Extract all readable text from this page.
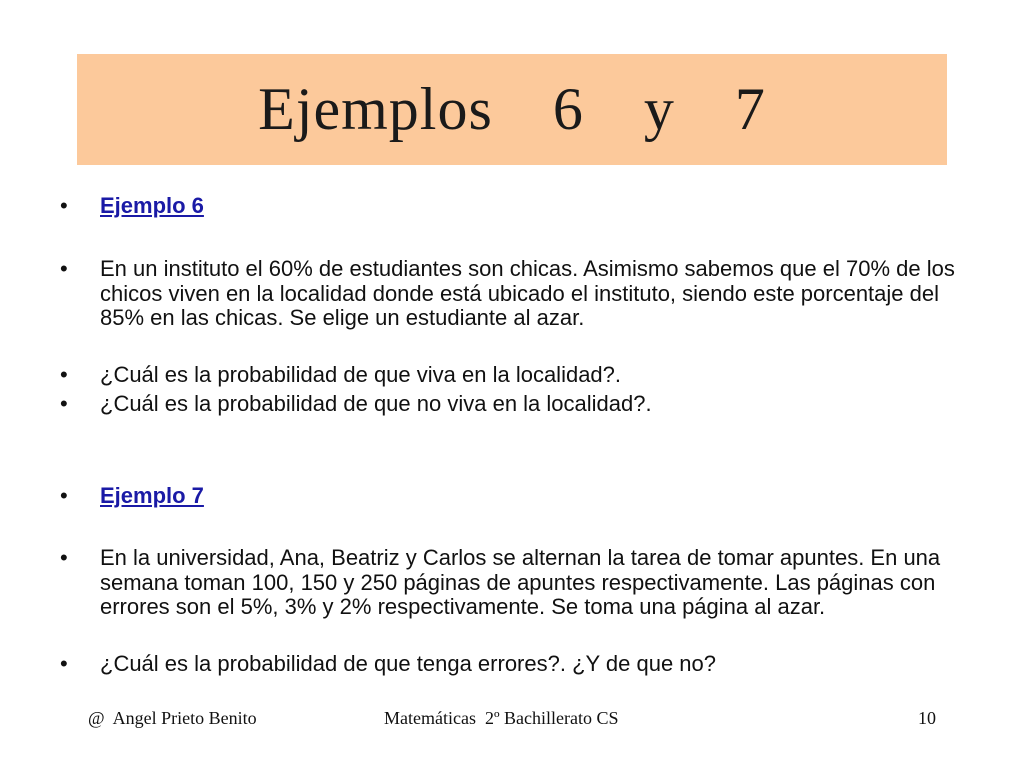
Ejemplos  6  y  7
•	Ejemplo 6
•	En un instituto el 60% de estudiantes son chicas. Asimismo sabemos que el 70% de los chicos viven en la localidad donde está ubicado el instituto, siendo este porcentaje del 85% en las chicas. Se elige un estudiante al azar.
•	¿Cuál es la probabilidad de que viva en la localidad?.
•	¿Cuál es la probabilidad de que no viva en la localidad?.
•	Ejemplo 7
•	En la universidad, Ana, Beatriz y Carlos se alternan la tarea de tomar apuntes. En una semana toman 100, 150 y 250 páginas de apuntes respectivamente. Las páginas con errores son el 5%, 3% y 2% respectivamente. Se toma una página al azar.
•	¿Cuál es la probabilidad de que tenga errores?. ¿Y de que no?
@  Angel Prieto Benito	Matemáticas  2º Bachillerato CS	10
